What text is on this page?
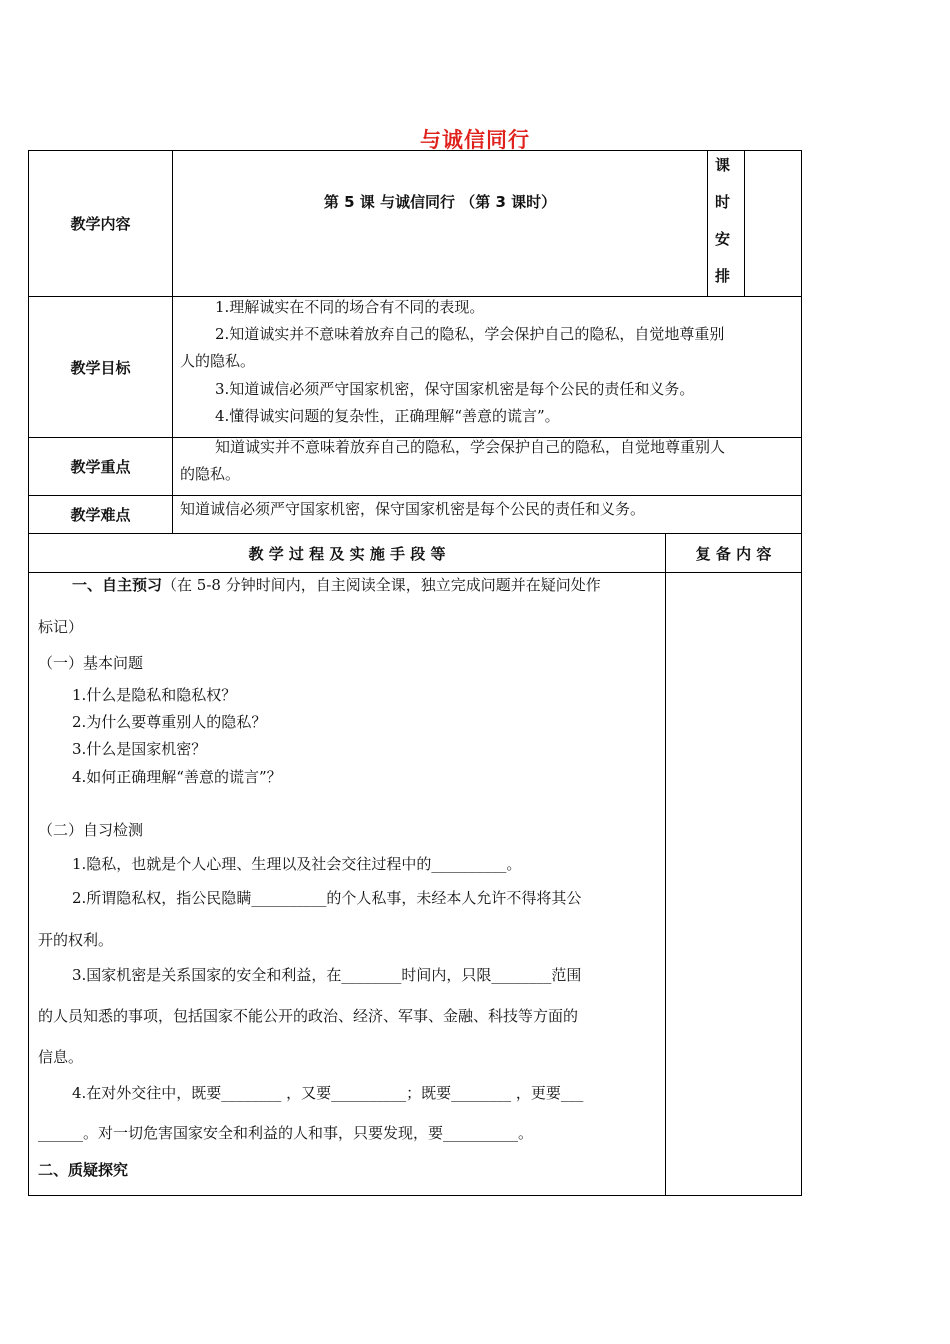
与诚信同行
教学内容
第 5 课 与诚信同行 （第 3 课时）
课
时
安
排
教学目标
1.理解诚实在不同的场合有不同的表现。
2.知道诚实并不意味着放弃自己的隐私，学会保护自己的隐私，自觉地尊重别
人的隐私。
3.知道诚信必须严守国家机密，保守国家机密是每个公民的责任和义务。
4.懂得诚实问题的复杂性，正确理解“善意的谎言”。
教学重点
知道诚实并不意味着放弃自己的隐私，学会保护自己的隐私，自觉地尊重别人
的隐私。
教学难点	知道诚信必须严守国家机密，保守国家机密是每个公民的责任和义务。
教 学 过 程 及 实 施 手 段 等	复 备 内 容
一、自主预习（在 5-8 分钟时间内，自主阅读全课，独立完成问题并在疑问处作
标记）
（一）基本问题
1.什么是隐私和隐私权？
2.为什么要尊重别人的隐私？
3.什么是国家机密？
4.如何正确理解“善意的谎言”？
（二）自习检测
1.隐私，也就是个人心理、生理以及社会交往过程中的__________。
2.所谓隐私权，指公民隐瞒__________的个人私事，未经本人允许不得将其公
开的权利。
3.国家机密是关系国家的安全和利益，在________时间内，只限________范围
的人员知悉的事项，包括国家不能公开的政治、经济、军事、金融、科技等方面的
信息。
4.在对外交往中，既要________ ，又要__________；既要________ ，更要___
______。对一切危害国家安全和利益的人和事，只要发现，要__________。
二、质疑探究
